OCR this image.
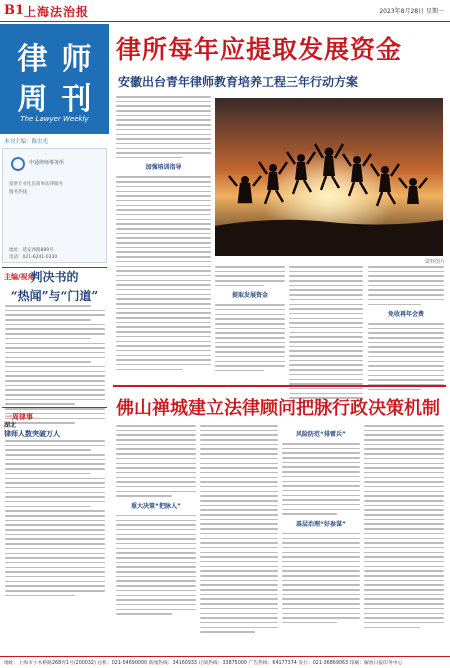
B1 上海法治报	2023年8月28日 星期一
律师
周刊
The Lawyer Weekly
本刊主编：陈宏光
申通律师事务所
提供专业化民商事法律服务
服务热线
地址：延安西路889号
电话：021-6241-0330
主编/视角
判决书的
“热闻”与“门道”
一周律事
湖北
律师人数突破万人
律所每年应提取发展资金
安徽出台青年律师教育培养工程三年行动方案
加强培训指导
资料图片
提取发展资金
免收再年会费
佛山禅城建立法律顾问把脉行政决策机制
重大决策“把脉人”
风险防范“排雷兵”
基层治理“好参谋”
地址：上海市小木桥路268弄1号(200032) 总机：021-54690000 新闻热线：34160933 订阅热线：33875000 广告热线：64177374 发行：021-36869063 印刷：解放日报印务中心
